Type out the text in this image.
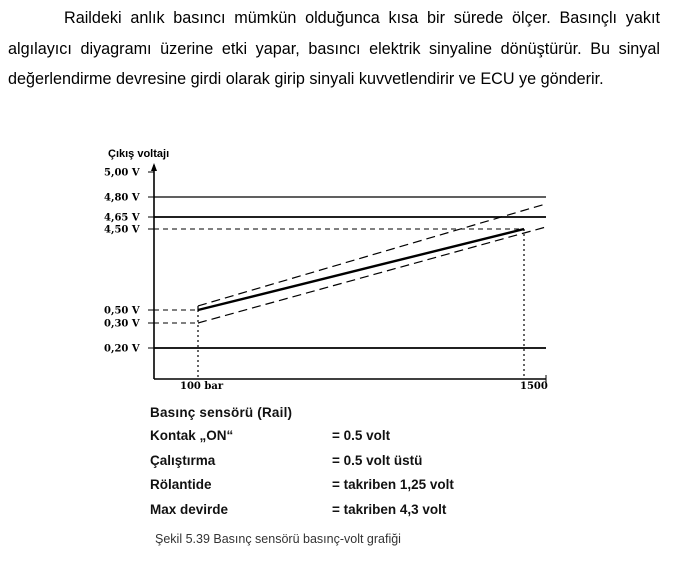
Raildeki anlık basıncı mümkün olduğunca kısa bir sürede ölçer. Basınçlı yakıt algılayıcı diyagramı üzerine etki yapar, basıncı elektrik sinyaline dönüştürür. Bu sinyal değerlendirme devresine girdi olarak girip sinyali kuvvetlendirir ve ECU ye gönderir.

Çıkış voltajı
5,00 V
4,80 V
4,65 V
4,50 V
0,50 V
0,30 V
0,20 V
100 bar	1500
Basınç sensörü (Rail)
Kontak „ON“	= 0.5 volt
Çalıştırma	= 0.5 volt üstü
Rölantide	= takriben 1,25 volt
Max devirde	= takriben 4,3 volt
Şekil 5.39 Basınç sensörü basınç-volt grafiği
